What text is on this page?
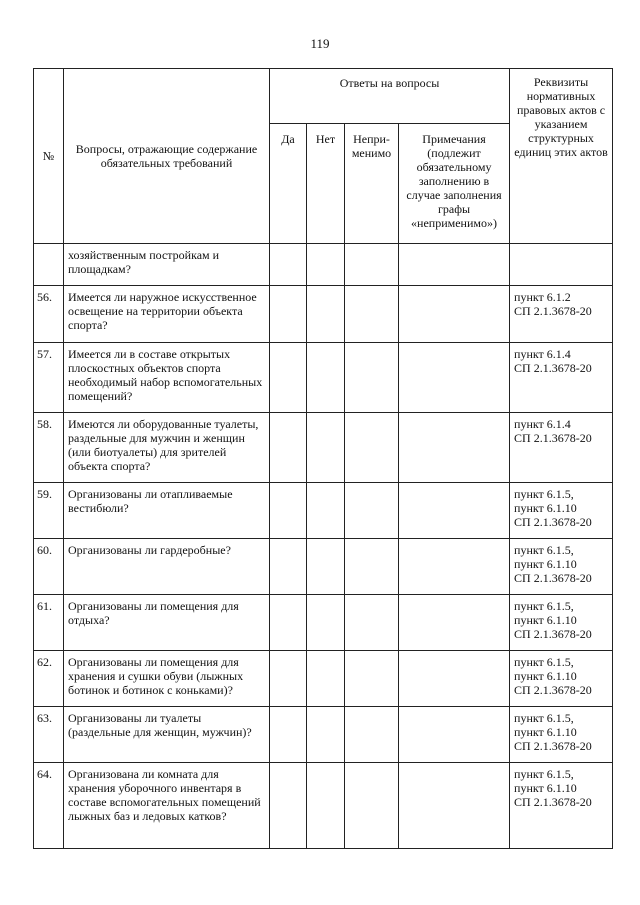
119
№	Вопросы, отражающие содержание обязательных требований	Ответы на вопросы				Реквизиты нормативных правовых актов с указанием структурных единиц этих актов
		Да	Нет	Непри-
менимо	Примечания (подлежит обязательному заполнению в случае заполнения графы «неприменимо»)	
	хозяйственным постройкам и площадкам?					
56.	Имеется ли наружное искусственное освещение на территории объекта спорта?					пункт 6.1.2
СП 2.1.3678-20
57.	Имеется ли в составе открытых плоскостных объектов спорта необходимый набор вспомогательных помещений?					пункт 6.1.4
СП 2.1.3678-20
58.	Имеются ли оборудованные туалеты, раздельные для мужчин и женщин (или биотуалеты) для зрителей объекта спорта?					пункт 6.1.4
СП 2.1.3678-20
59.	Организованы ли отапливаемые вестибюли?					пункт 6.1.5,
пункт 6.1.10
СП 2.1.3678-20
60.	Организованы ли гардеробные?					пункт 6.1.5,
пункт 6.1.10
СП 2.1.3678-20
61.	Организованы ли помещения для отдыха?					пункт 6.1.5,
пункт 6.1.10
СП 2.1.3678-20
62.	Организованы ли помещения для хранения и сушки обуви (лыжных ботинок и ботинок с коньками)?					пункт 6.1.5,
пункт 6.1.10
СП 2.1.3678-20
63.	Организованы ли туалеты (раздельные для женщин, мужчин)?					пункт 6.1.5,
пункт 6.1.10
СП 2.1.3678-20
64.	Организована ли комната для хранения уборочного инвентаря в составе вспомогательных помещений лыжных баз и ледовых катков?					пункт 6.1.5,
пункт 6.1.10
СП 2.1.3678-20
